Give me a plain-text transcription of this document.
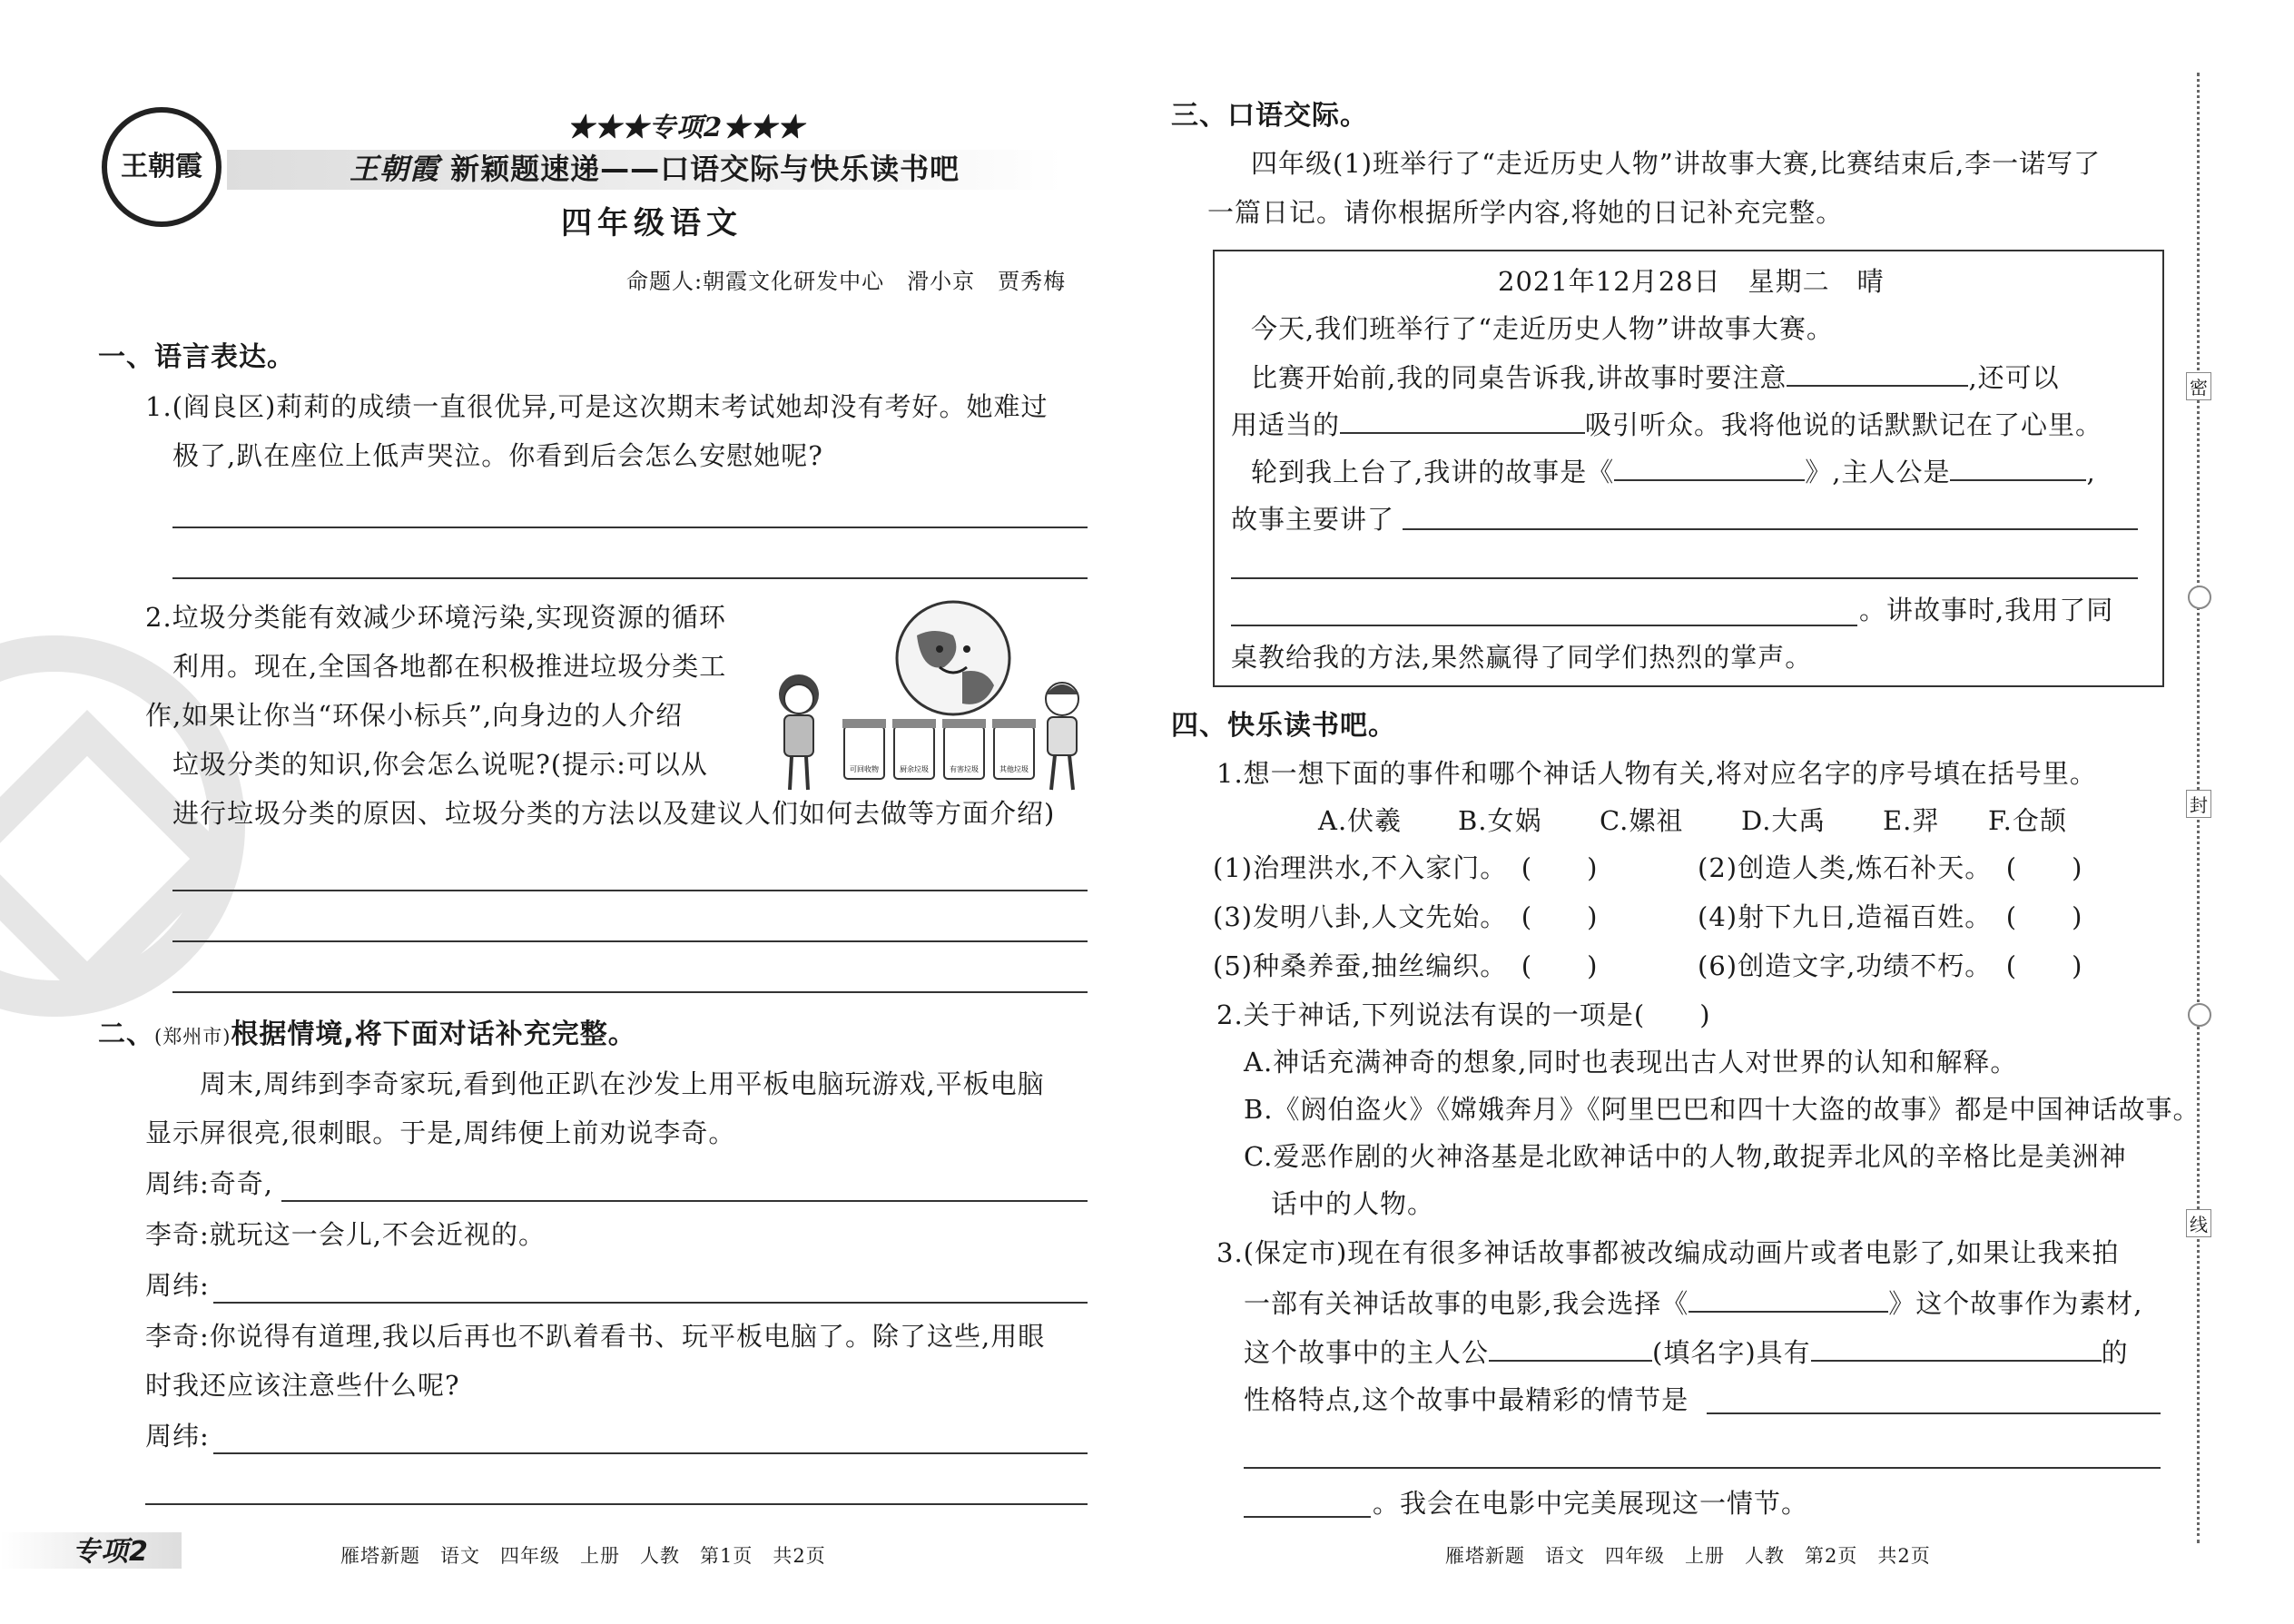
王朝霞
★★★专项2★★★
王朝霞 新颖题速递——口语交际与快乐读书吧
四年级语文
命题人:朝霞文化研发中心　滑小京　贾秀梅
一、语言表达。
1.(阎良区)莉莉的成绩一直很优异,可是这次期末考试她却没有考好。她难过
极了,趴在座位上低声哭泣。你看到后会怎么安慰她呢?
2.垃圾分类能有效减少环境污染,实现资源的循环
利用。现在,全国各地都在积极推进垃圾分类工
作,如果让你当“环保小标兵”,向身边的人介绍
垃圾分类的知识,你会怎么说呢?(提示:可以从
进行垃圾分类的原因、垃圾分类的方法以及建议人们如何去做等方面介绍)
可回收物	厨余垃圾	有害垃圾	其他垃圾
二、(郑州市)根据情境,将下面对话补充完整。
周末,周纬到李奇家玩,看到他正趴在沙发上用平板电脑玩游戏,平板电脑
显示屏很亮,很刺眼。于是,周纬便上前劝说李奇。
周纬:奇奇,
李奇:就玩这一会儿,不会近视的。
周纬:
李奇:你说得有道理,我以后再也不趴着看书、玩平板电脑了。除了这些,用眼
时我还应该注意些什么呢?
周纬:
专项2	雁塔新题　语文　四年级　上册　人教　第1页　共2页
三、口语交际。
四年级(1)班举行了“走近历史人物”讲故事大赛,比赛结束后,李一诺写了
一篇日记。请你根据所学内容,将她的日记补充完整。
2021年12月28日　星期二　晴
今天,我们班举行了“走近历史人物”讲故事大赛。
比赛开始前,我的同桌告诉我,讲故事时要注意	,还可以
用适当的	吸引听众。我将他说的话默默记在了心里。
轮到我上台了,我讲的故事是《	》,主人公是	,
故事主要讲了
。讲故事时,我用了同
桌教给我的方法,果然赢得了同学们热烈的掌声。
四、快乐读书吧。
1.想一想下面的事件和哪个神话人物有关,将对应名字的序号填在括号里。
A.伏羲 B.女娲 C.嫘祖 D.大禹 E.羿 F.仓颉
(1)治理洪水,不入家门。　(　　)	(2)创造人类,炼石补天。　(　　)
(3)发明八卦,人文先始。　(　　)	(4)射下九日,造福百姓。　(　　)
(5)种桑养蚕,抽丝编织。　(　　)	(6)创造文字,功绩不朽。　(　　)
2.关于神话,下列说法有误的一项是(　　)
A.神话充满神奇的想象,同时也表现出古人对世界的认知和解释。
B.《阏伯盗火》《嫦娥奔月》《阿里巴巴和四十大盗的故事》都是中国神话故事。
C.爱恶作剧的火神洛基是北欧神话中的人物,敢捉弄北风的辛格比是美洲神
话中的人物。
3.(保定市)现在有很多神话故事都被改编成动画片或者电影了,如果让我来拍
一部有关神话故事的电影,我会选择《	》这个故事作为素材,
这个故事中的主人公	(填名字)具有	的
性格特点,这个故事中最精彩的情节是
。我会在电影中完美展现这一情节。
雁塔新题　语文　四年级　上册　人教　第2页　共2页
密
封
线
